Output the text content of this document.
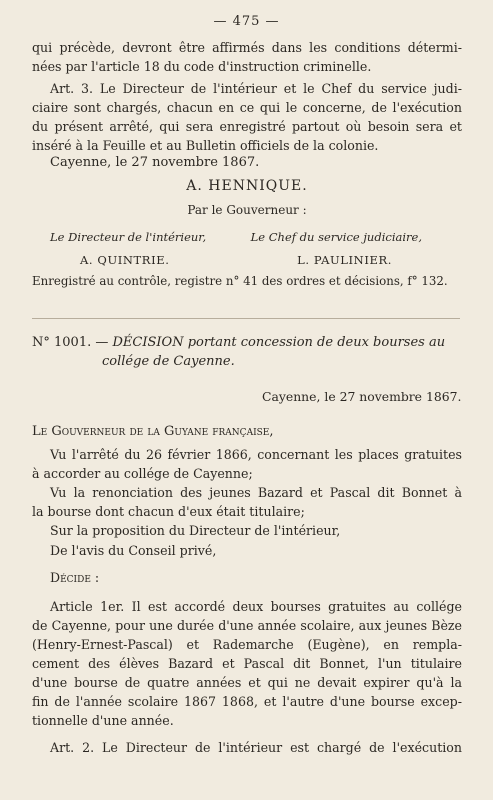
— 475 —
qui précède, devront être affirmés dans les conditions détermi-
nées par l'article 18 du code d'instruction criminelle.
Art. 3. Le Directeur de l'intérieur et le Chef du service judi-
ciaire sont chargés, chacun en ce qui le concerne, de l'exécution
du présent arrêté, qui sera enregistré partout où besoin sera et
inséré à la Feuille et au Bulletin officiels de la colonie.
Cayenne, le 27 novembre 1867.
A. HENNIQUE.
Par le Gouverneur :
Le Directeur de l'intérieur,	Le Chef du service judiciaire,
A. QUINTRIE.	L. PAULINIER.
Enregistré au contrôle, registre n° 41 des ordres et décisions, f° 132.
N° 1001. — DÉCISION portant concession de deux bourses au
collége de Cayenne.
Cayenne, le 27 novembre 1867.
Le Gouverneur de la Guyane française,
Vu l'arrêté du 26 février 1866, concernant les places gratuites
à accorder au collége de Cayenne;
Vu la renonciation des jeunes Bazard et Pascal dit Bonnet à
la bourse dont chacun d'eux était titulaire;
Sur la proposition du Directeur de l'intérieur,
De l'avis du Conseil privé,
Décide :
Article 1er. Il est accordé deux bourses gratuites au collége
de Cayenne, pour une durée d'une année scolaire, aux jeunes Bèze
(Henry-Ernest-Pascal) et Rademarche (Eugène), en rempla-
cement des élèves Bazard et Pascal dit Bonnet, l'un titulaire
d'une bourse de quatre années et qui ne devait expirer qu'à la
fin de l'année scolaire 1867 1868, et l'autre d'une bourse excep-
tionnelle d'une année.
Art. 2. Le Directeur de l'intérieur est chargé de l'exécution
